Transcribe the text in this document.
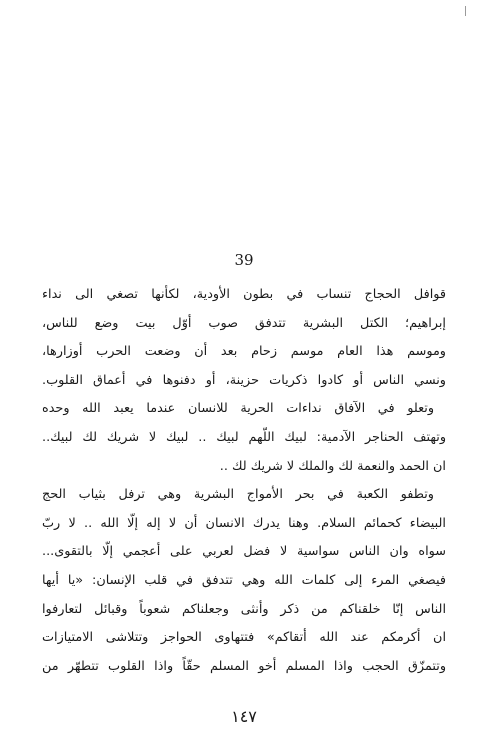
39
قوافل الحجاج تنساب في بطون الأودية، لكأنها تصغي الى نداء
إبراهيم؛ الكتل البشرية تتدفق صوب أوّل بيت وضع للناس،
وموسم هذا العام موسم زحام بعد أن وضعت الحرب أوزارها،
ونسي الناس أو كادوا ذكريات حزينة، أو دفنوها في أعماق القلوب.
وتعلو في الآفاق نداءات الحرية للانسان عندما يعبد الله وحده
وتهتف الحناجر الآدمية: لبيك اللّهم لبيك .. لبيك لا شريك لك لبيك..
ان الحمد والنعمة لك والملك لا شريك لك ..
وتطفو الكعبة في بحر الأمواج البشرية وهي ترفل بثياب الحج
البيضاء كحمائم السلام. وهنا يدرك الانسان أن لا إله إلّا الله .. لا ربّ
سواه وان الناس سواسية لا فضل لعربي على أعجمي إلّا بالتقوى...
فيصغي المرء إلى كلمات الله وهي تتدفق في قلب الإنسان: «يا أيها
الناس إنّا خلقناكم من ذكر وأنثى وجعلناكم شعوباً وقبائل لتعارفوا
ان أكرمكم عند الله أتقاكم» فتتهاوى الحواجز وتتلاشى الامتيازات
وتتمزّق الحجب واذا المسلم أخو المسلم حقّاً واذا القلوب تتطهّر من
١٤٧
